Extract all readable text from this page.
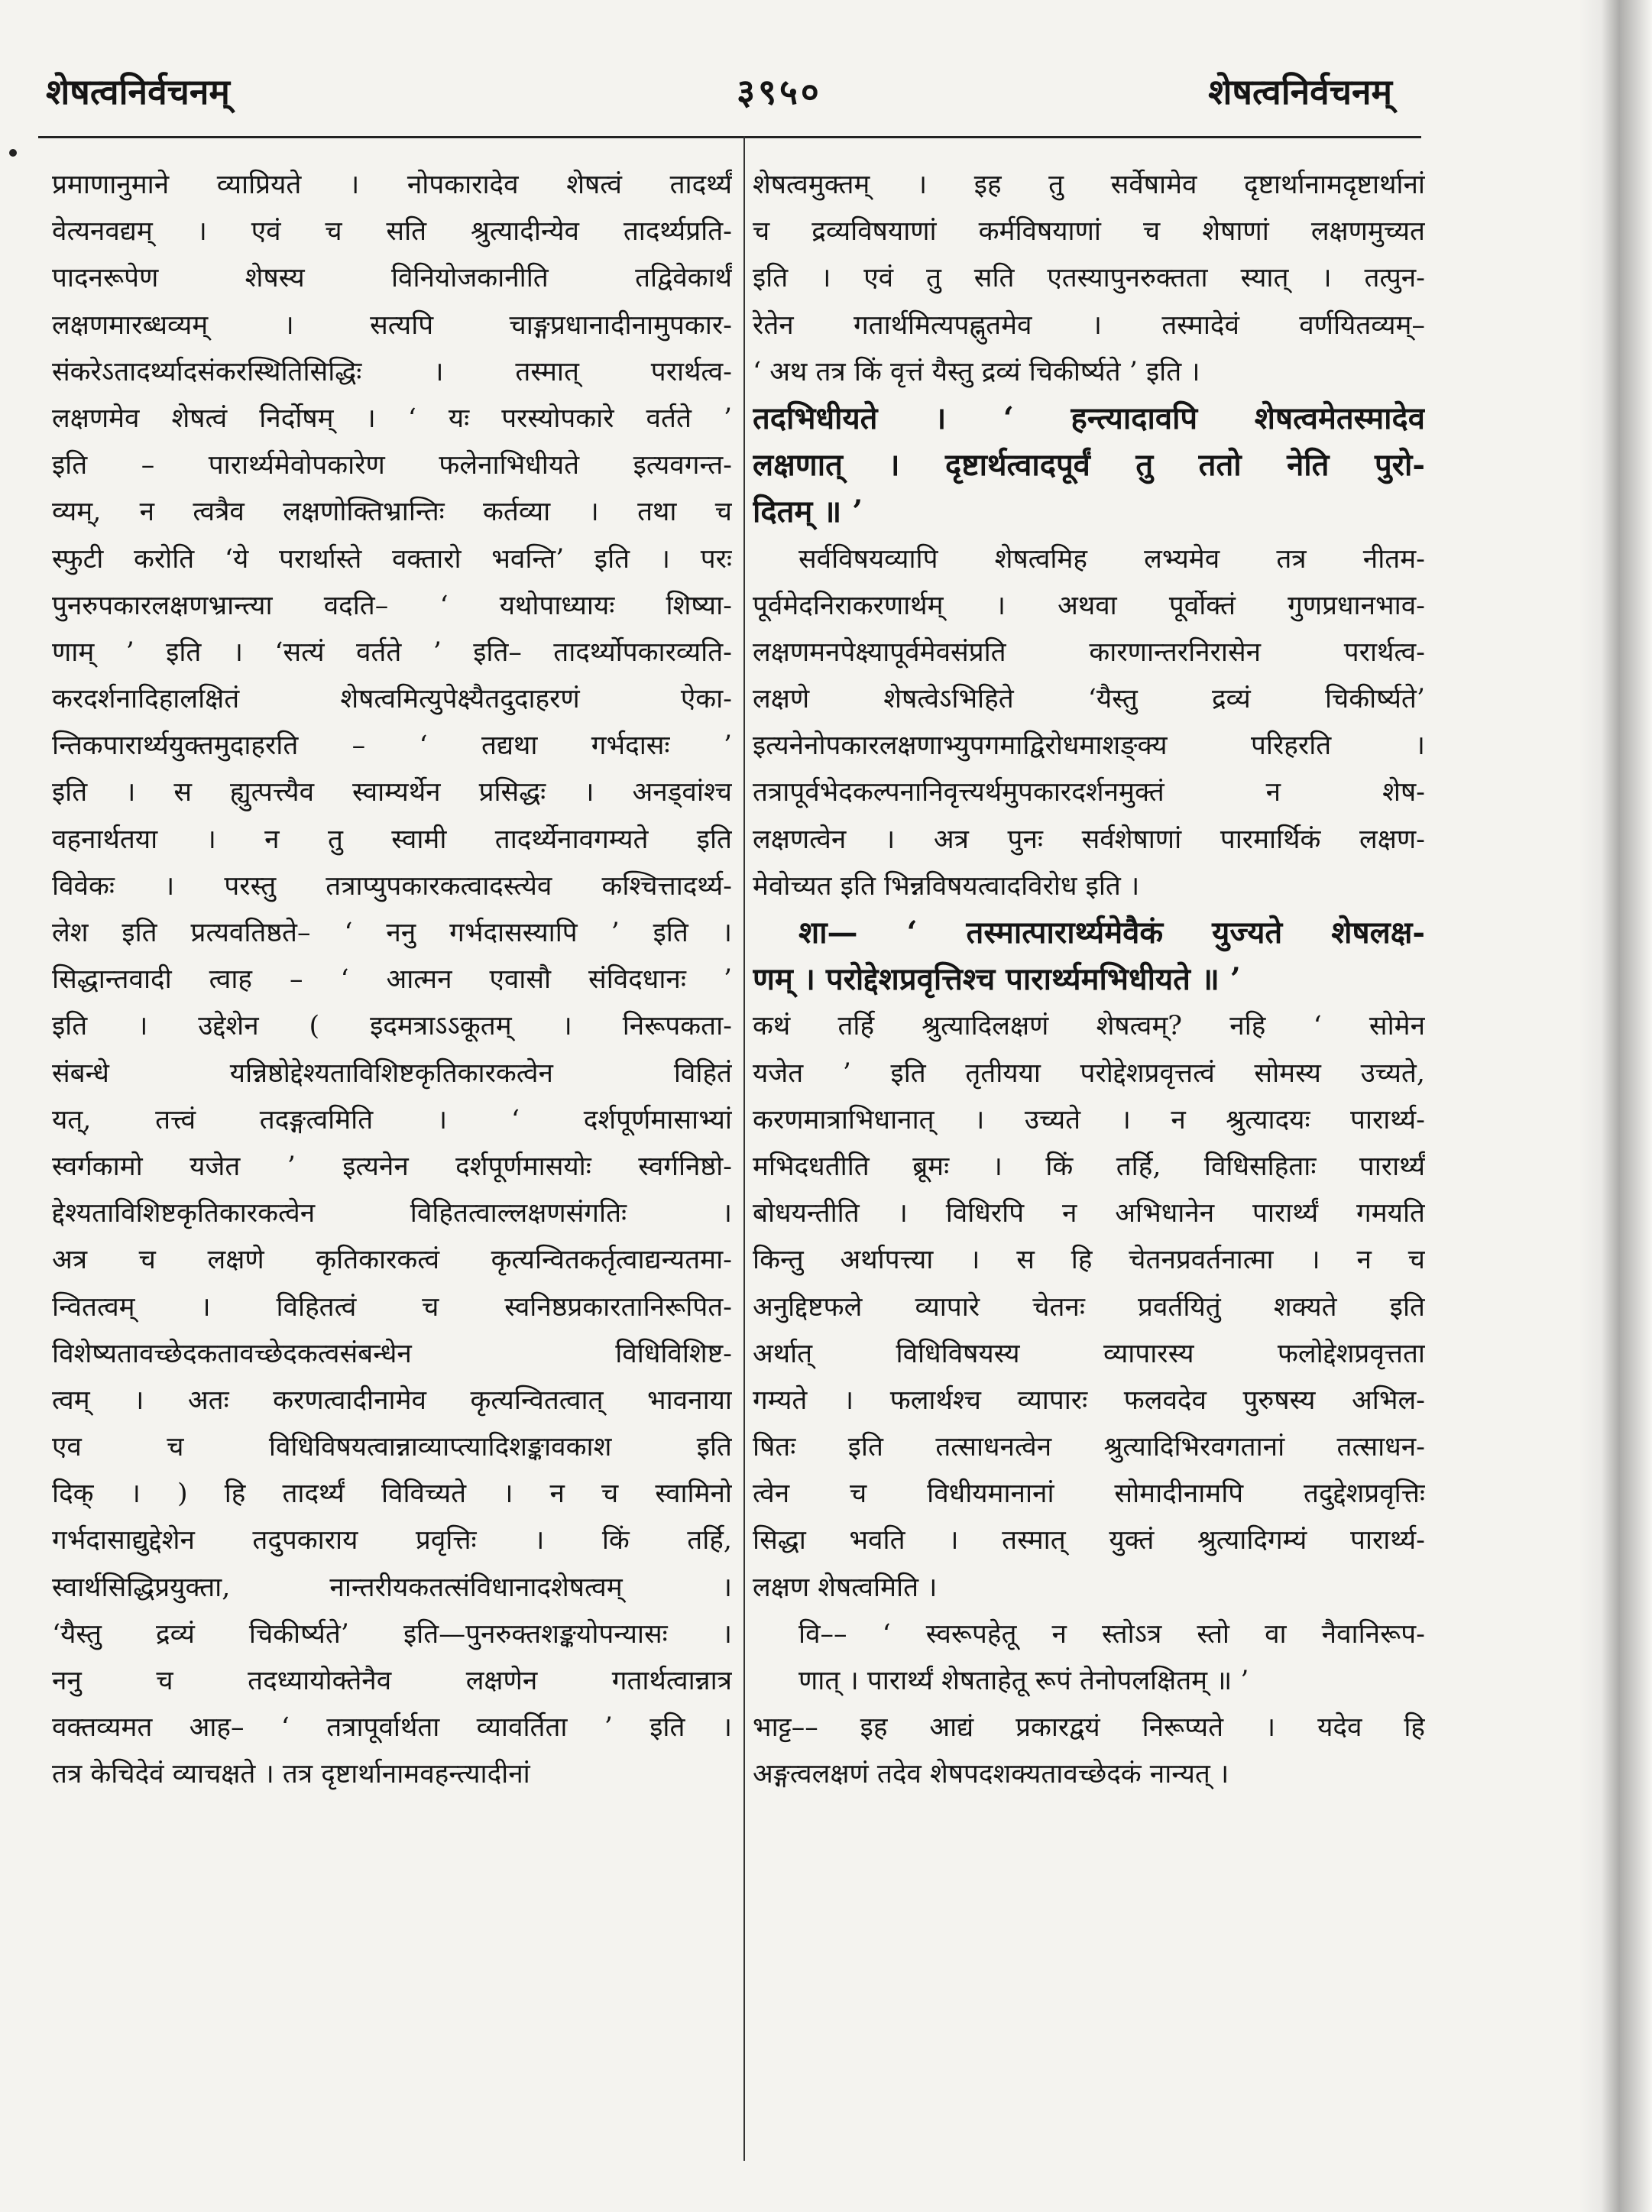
शेषत्वनिर्वचनम्	३९५०	शेषत्वनिर्वचनम्
प्रमाणानुमाने व्याप्रियते । नोपकारादेव शेषत्वं तादर्थ्यं
वेत्यनवद्यम् । एवं च सति श्रुत्यादीन्येव तादर्थ्यप्रति-
पादनरूपेण शेषस्य विनियोजकानीति तद्विवेकार्थं
लक्षणमारब्धव्यम् । सत्यपि चाङ्गप्रधानादीनामुपकार-
संकरेऽतादर्थ्यादसंकरस्थितिसिद्धिः । तस्मात् परार्थत्व-
लक्षणमेव शेषत्वं निर्दोषम् । ‘ यः परस्योपकारे वर्तते ’
इति – पारार्थ्यमेवोपकारेण फलेनाभिधीयते इत्यवगन्त-
व्यम्, न त्वत्रैव लक्षणोक्तिभ्रान्तिः कर्तव्या । तथा च
स्फुटी करोति ‘ये परार्थास्ते वक्तारो भवन्ति’ इति । परः
पुनरुपकारलक्षणभ्रान्त्या वदति– ‘ यथोपाध्यायः शिष्या-
णाम् ’ इति । ‘सत्यं वर्तते ’ इति– तादर्थ्योपकारव्यति-
करदर्शनादिहालक्षितं शेषत्वमित्युपेक्ष्यैतदुदाहरणं ऐका-
न्तिकपारार्थ्ययुक्तमुदाहरति – ‘ तद्यथा गर्भदासः ’
इति । स ह्युत्पत्त्यैव स्वाम्यर्थेन प्रसिद्धः । अनड्वांश्च
वहनार्थतया । न तु स्वामी तादर्थ्येनावगम्यते इति
विवेकः । परस्तु तत्राप्युपकारकत्वादस्त्येव कश्चित्तादर्थ्य-
लेश इति प्रत्यवतिष्ठते– ‘ ननु गर्भदासस्यापि ’ इति ।
सिद्धान्तवादी त्वाह – ‘ आत्मन एवासौ संविदधानः ’
इति । उद्देशेन ( इदमत्राऽऽकूतम् । निरूपकता-
संबन्धे यन्निष्ठोद्देश्यताविशिष्टकृतिकारकत्वेन विहितं
यत्, तत्त्वं तदङ्गत्वमिति । ‘ दर्शपूर्णमासाभ्यां
स्वर्गकामो यजेत ’ इत्यनेन दर्शपूर्णमासयोः स्वर्गनिष्ठो-
द्देश्यताविशिष्टकृतिकारकत्वेन विहितत्वाल्लक्षणसंगतिः ।
अत्र च लक्षणे कृतिकारकत्वं कृत्यन्वितकर्तृत्वाद्यन्यतमा-
न्वितत्वम् । विहितत्वं च स्वनिष्ठप्रकारतानिरूपित-
विशेष्यतावच्छेदकतावच्छेदकत्वसंबन्धेन विधिविशिष्ट-
त्वम् । अतः करणत्वादीनामेव कृत्यन्वितत्वात् भावनाया
एव च विधिविषयत्वान्नाव्याप्त्यादिशङ्कावकाश इति
दिक् । ) हि तादर्थ्यं विविच्यते । न च स्वामिनो
गर्भदासाद्युद्देशेन तदुपकाराय प्रवृत्तिः । किं तर्हि,
स्वार्थसिद्धिप्रयुक्ता, नान्तरीयकतत्संविधानादशेषत्वम् ।
‘यैस्तु द्रव्यं चिकीर्ष्यते’ इति—पुनरुक्तशङ्कयोपन्यासः ।
ननु च तदध्यायोक्तेनैव लक्षणेन गतार्थत्वान्नात्र
वक्तव्यमत आह– ‘ तत्रापूर्वार्थता व्यावर्तिता ’ इति ।
तत्र केचिदेवं व्याचक्षते । तत्र दृष्टार्थानामवहन्त्यादीनां
शेषत्वमुक्तम् । इह तु सर्वेषामेव दृष्टार्थानामदृष्टार्थानां
च द्रव्यविषयाणां कर्मविषयाणां च शेषाणां लक्षणमुच्यत
इति । एवं तु सति एतस्यापुनरुक्तता स्यात् । तत्पुन-
रेतेन गतार्थमित्यपह्नुतमेव । तस्मादेवं वर्णयितव्यम्–
‘ अथ तत्र किं वृत्तं यैस्तु द्रव्यं चिकीर्ष्यते ’ इति ।
तदभिधीयते । ‘ हन्त्यादावपि शेषत्वमेतस्मादेव
लक्षणात् । दृष्टार्थत्वादपूर्वं तु ततो नेति पुरो-
दितम् ॥ ’
सर्वविषयव्यापि शेषत्वमिह लभ्यमेव तत्र नीतम-
पूर्वमेदनिराकरणार्थम् । अथवा पूर्वोक्तं गुणप्रधानभाव-
लक्षणमनपेक्ष्यापूर्वमेवसंप्रति कारणान्तरनिरासेन परार्थत्व-
लक्षणे शेषत्वेऽभिहिते ‘यैस्तु द्रव्यं चिकीर्ष्यते’
इत्यनेनोपकारलक्षणाभ्युपगमाद्विरोधमाशङ्क्य परिहरति ।
तत्रापूर्वभेदकल्पनानिवृत्त्यर्थमुपकारदर्शनमुक्तं न शेष-
लक्षणत्वेन । अत्र पुनः सर्वशेषाणां पारमार्थिकं लक्षण-
मेवोच्यत इति भिन्नविषयत्वादविरोध इति ।
शा— ‘ तस्मात्पारार्थ्यमेवैकं युज्यते शेषलक्ष-
णम् । परोद्देशप्रवृत्तिश्च पारार्थ्यमभिधीयते ॥ ’
कथं तर्हि श्रुत्यादिलक्षणं शेषत्वम्? नहि ‘ सोमेन
यजेत ’ इति तृतीयया परोद्देशप्रवृत्तत्वं सोमस्य उच्यते,
करणमात्राभिधानात् । उच्यते । न श्रुत्यादयः पारार्थ्य-
मभिदधतीति ब्रूमः । किं तर्हि, विधिसहिताः पारार्थ्यं
बोधयन्तीति । विधिरपि न अभिधानेन पारार्थ्यं गमयति
किन्तु अर्थापत्त्या । स हि चेतनप्रवर्तनात्मा । न च
अनुद्दिष्टफले व्यापारे चेतनः प्रवर्तयितुं शक्यते इति
अर्थात् विधिविषयस्य व्यापारस्य फलोद्देशप्रवृत्तता
गम्यते । फलार्थश्च व्यापारः फलवदेव पुरुषस्य अभिल-
षितः इति तत्साधनत्वेन श्रुत्यादिभिरवगतानां तत्साधन-
त्वेन च विधीयमानानां सोमादीनामपि तदुद्देशप्रवृत्तिः
सिद्धा भवति । तस्मात् युक्तं श्रुत्यादिगम्यं पारार्थ्य-
लक्षण शेषत्वमिति ।
वि–– ‘ स्वरूपहेतू न स्तोऽत्र स्तो वा नैवानिरूप-
णात् । पारार्थ्यं शेषताहेतू रूपं तेनोपलक्षितम् ॥ ’
भाट्ट–– इह आद्यं प्रकारद्वयं निरूप्यते । यदेव हि
अङ्गत्वलक्षणं तदेव शेषपदशक्यतावच्छेदकं नान्यत् ।
